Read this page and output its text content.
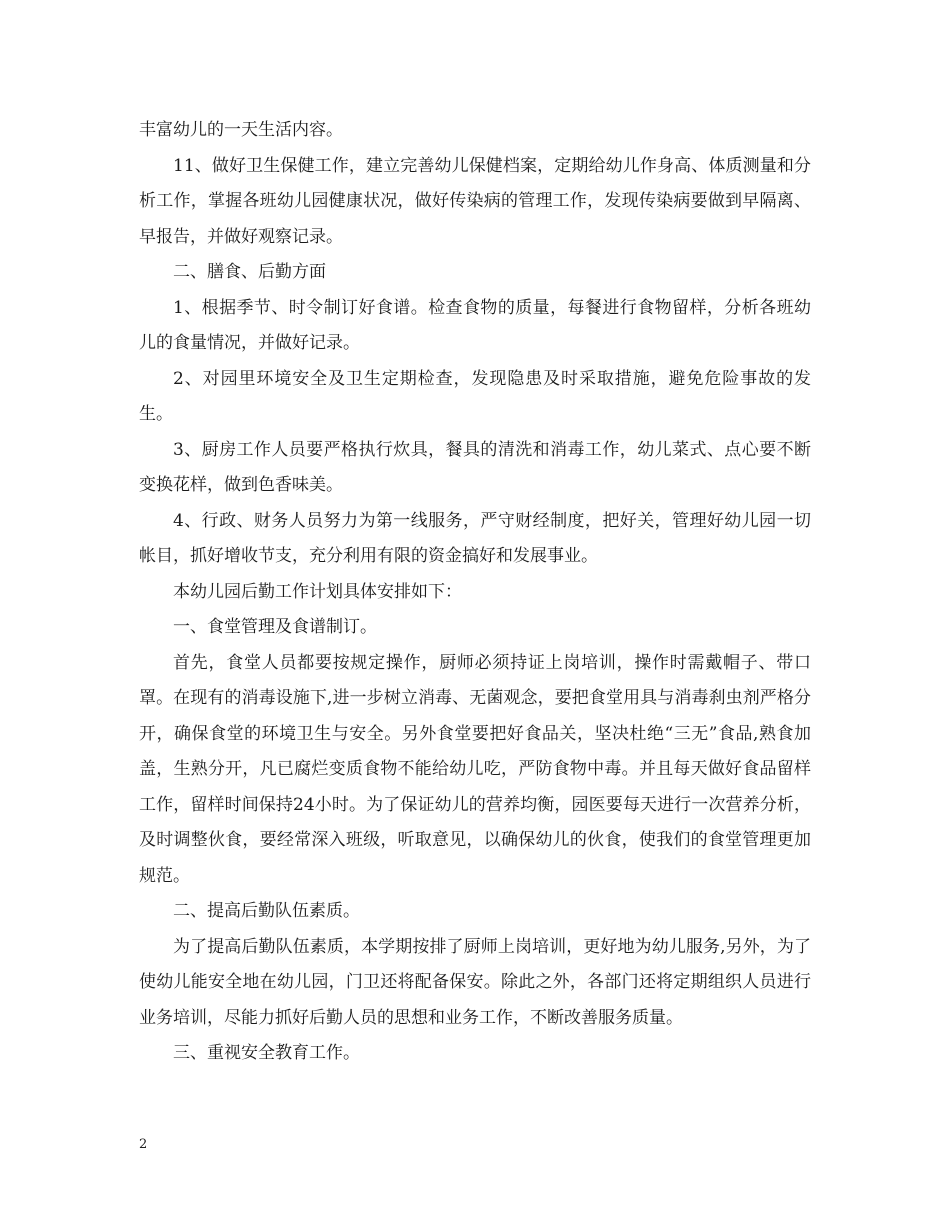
丰富幼儿的一天生活内容。

11、做好卫生保健工作，建立完善幼儿保健档案，定期给幼儿作身高、体质测量和分析工作，掌握各班幼儿园健康状况，做好传染病的管理工作，发现传染病要做到早隔离、早报告，并做好观察记录。

二、膳食、后勤方面

1、根据季节、时令制订好食谱。检查食物的质量，每餐进行食物留样，分析各班幼儿的食量情况，并做好记录。

2、对园里环境安全及卫生定期检查，发现隐患及时采取措施，避免危险事故的发生。

3、厨房工作人员要严格执行炊具，餐具的清洗和消毒工作，幼儿菜式、点心要不断变换花样，做到色香味美。

4、行政、财务人员努力为第一线服务，严守财经制度，把好关，管理好幼儿园一切帐目，抓好增收节支，充分利用有限的资金搞好和发展事业。

本幼儿园后勤工作计划具体安排如下：

一、食堂管理及食谱制订。

首先，食堂人员都要按规定操作，厨师必须持证上岗培训，操作时需戴帽子、带口罩。在现有的消毒设施下,进一步树立消毒、无菌观念，要把食堂用具与消毒刹虫剂严格分开，确保食堂的环境卫生与安全。另外食堂要把好食品关，坚决杜绝“三无”食品,熟食加盖，生熟分开，凡已腐烂变质食物不能给幼儿吃，严防食物中毒。并且每天做好食品留样工作，留样时间保持24小时。为了保证幼儿的营养均衡，园医要每天进行一次营养分析，及时调整伙食，要经常深入班级，听取意见，以确保幼儿的伙食，使我们的食堂管理更加规范。

二、提高后勤队伍素质。

为了提高后勤队伍素质，本学期按排了厨师上岗培训，更好地为幼儿服务,另外，为了使幼儿能安全地在幼儿园，门卫还将配备保安。除此之外，各部门还将定期组织人员进行业务培训，尽能力抓好后勤人员的思想和业务工作，不断改善服务质量。

三、重视安全教育工作。

2
